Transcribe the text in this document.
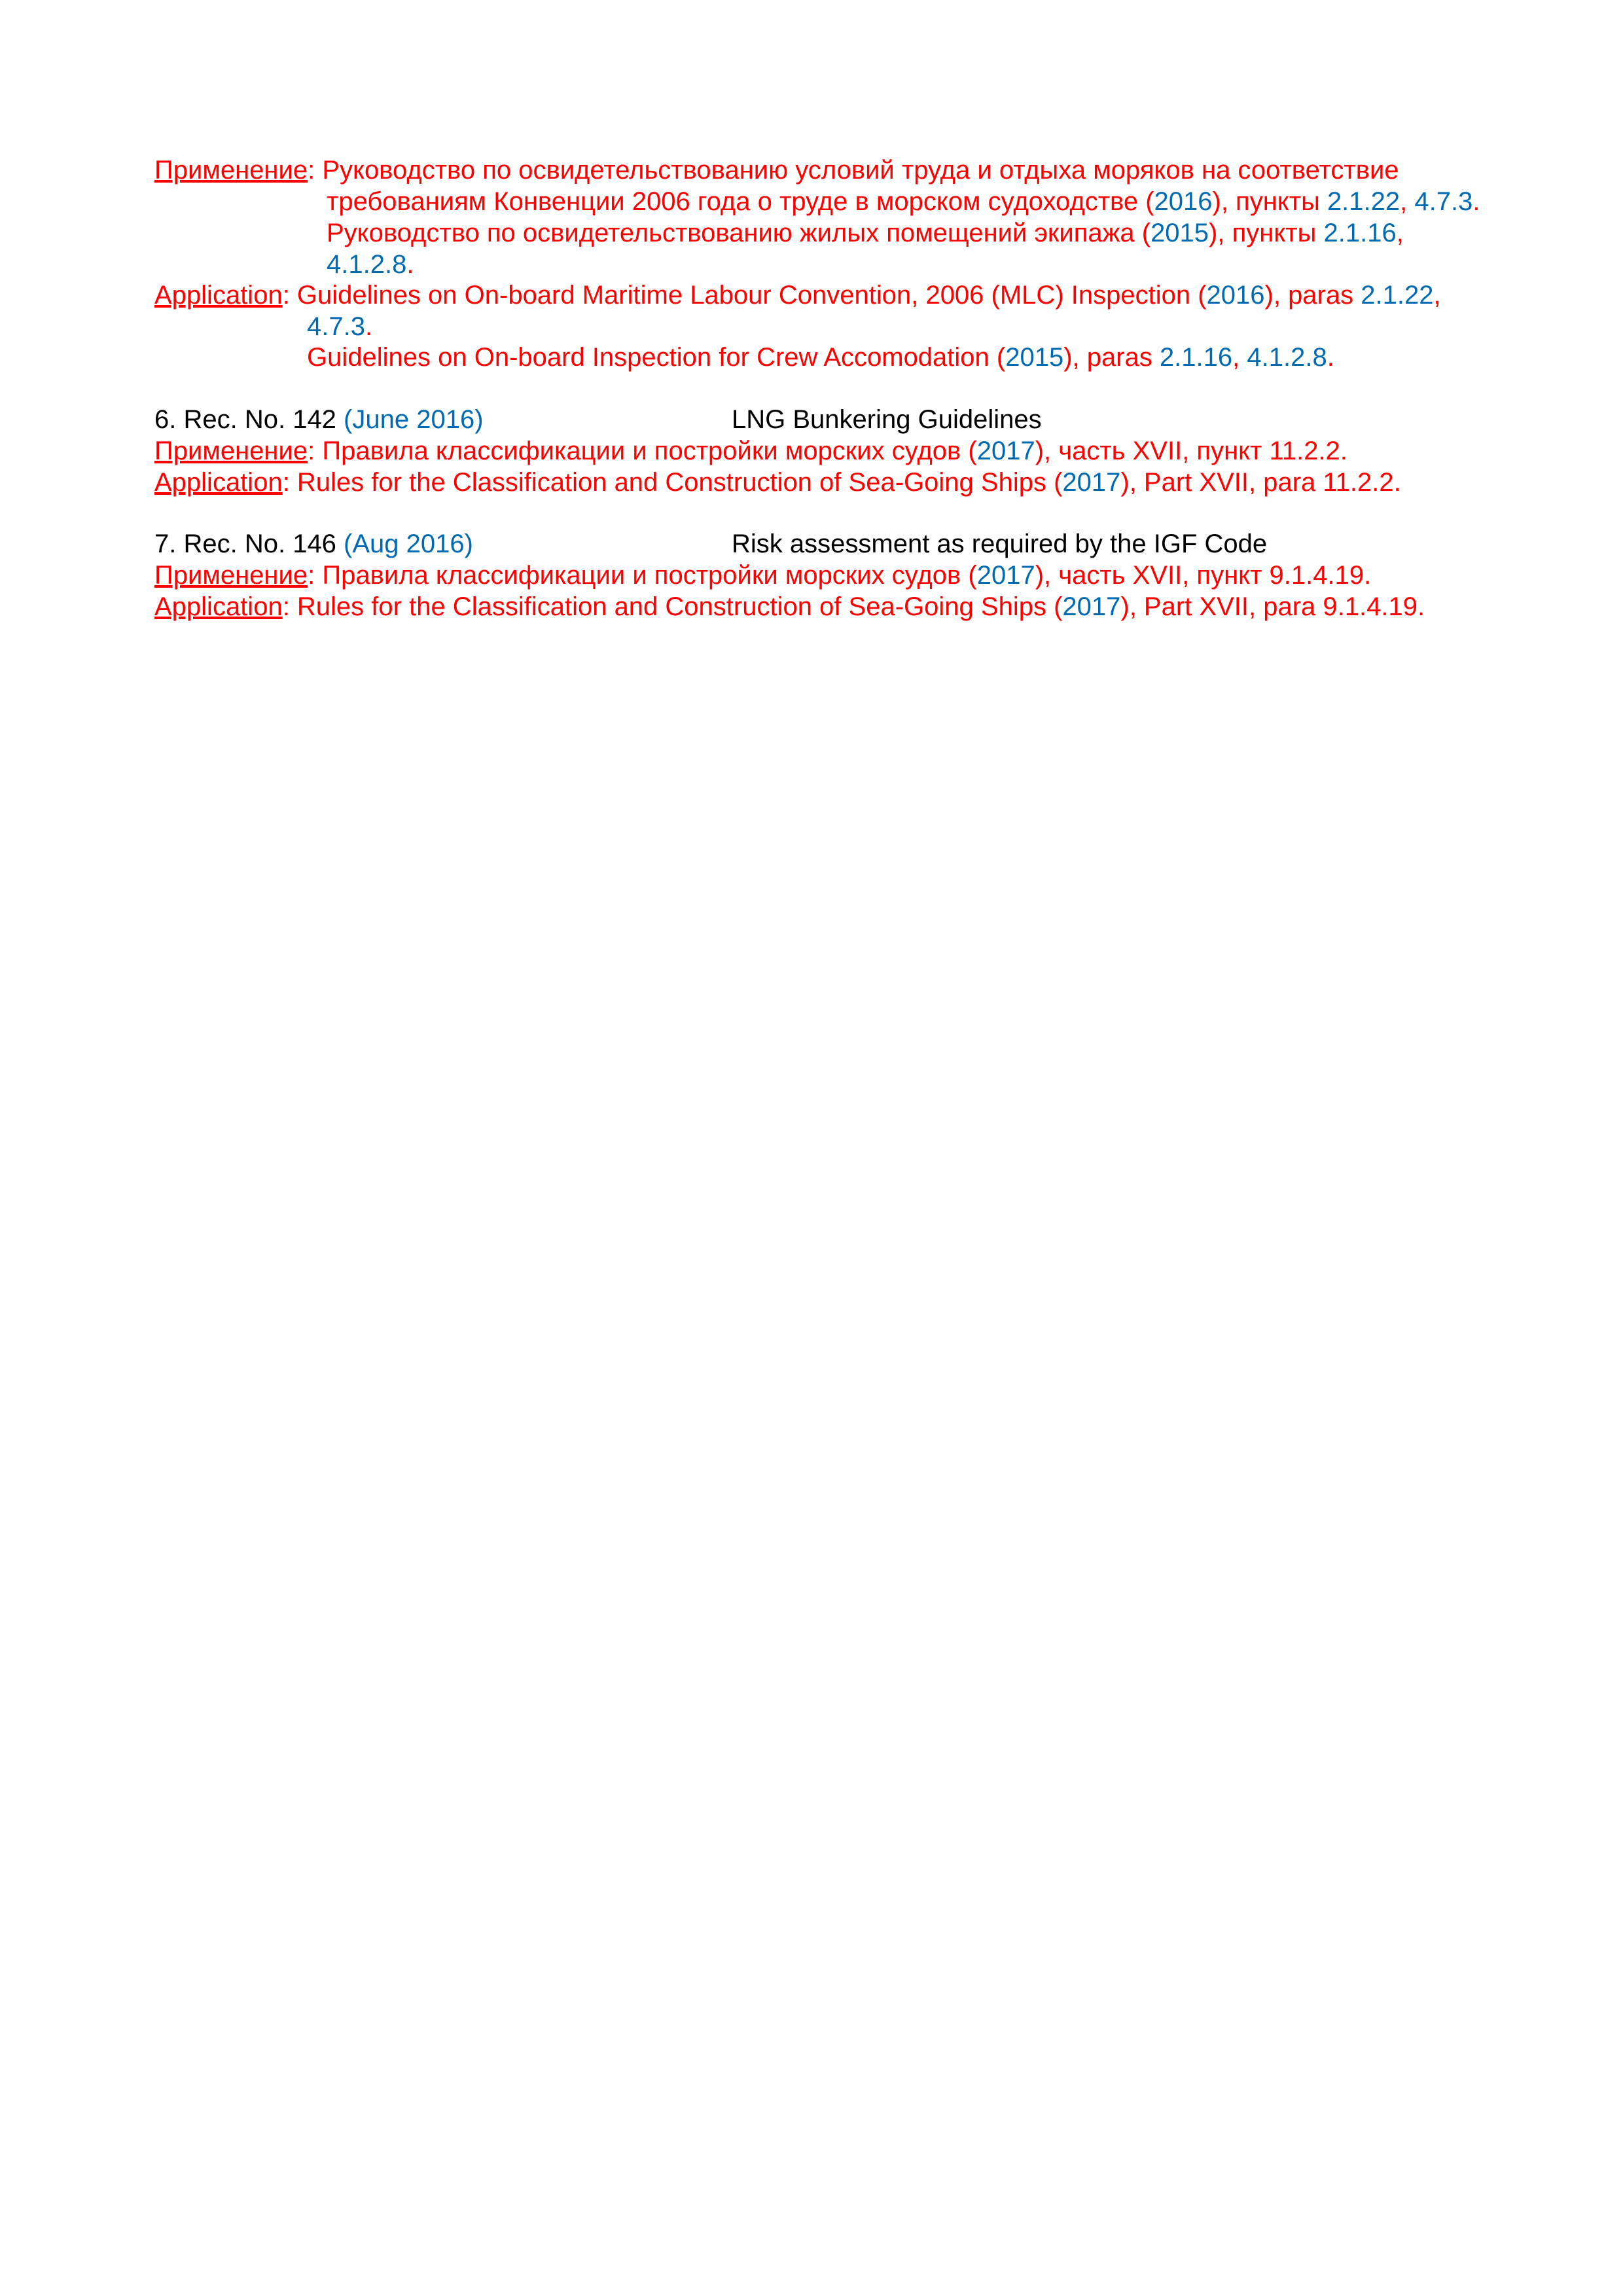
Применение: Руководство по освидетельствованию условий труда и отдыха моряков на соответствие
требованиям Конвенции 2006 года о труде в морском судоходстве (2016), пункты 2.1.22, 4.7.3.
Руководство по освидетельствованию жилых помещений экипажа (2015), пункты 2.1.16,
4.1.2.8.
Application: Guidelines on On-board Maritime Labour Convention, 2006 (MLC) Inspection (2016), paras 2.1.22,
4.7.3.
Guidelines on On-board Inspection for Crew Accomodation (2015), paras 2.1.16, 4.1.2.8.
6. Rec. No. 142 (June 2016)	LNG Bunkering Guidelines
Применение: Правила классификации и постройки морских судов (2017), часть XVII, пункт 11.2.2.
Application: Rules for the Classification and Construction of Sea-Going Ships (2017), Part XVII, para 11.2.2.
7. Rec. No. 146 (Aug 2016)	Risk assessment as required by the IGF Code
Применение: Правила классификации и постройки морских судов (2017), часть XVII, пункт 9.1.4.19.
Application: Rules for the Classification and Construction of Sea-Going Ships (2017), Part XVII, para 9.1.4.19.
